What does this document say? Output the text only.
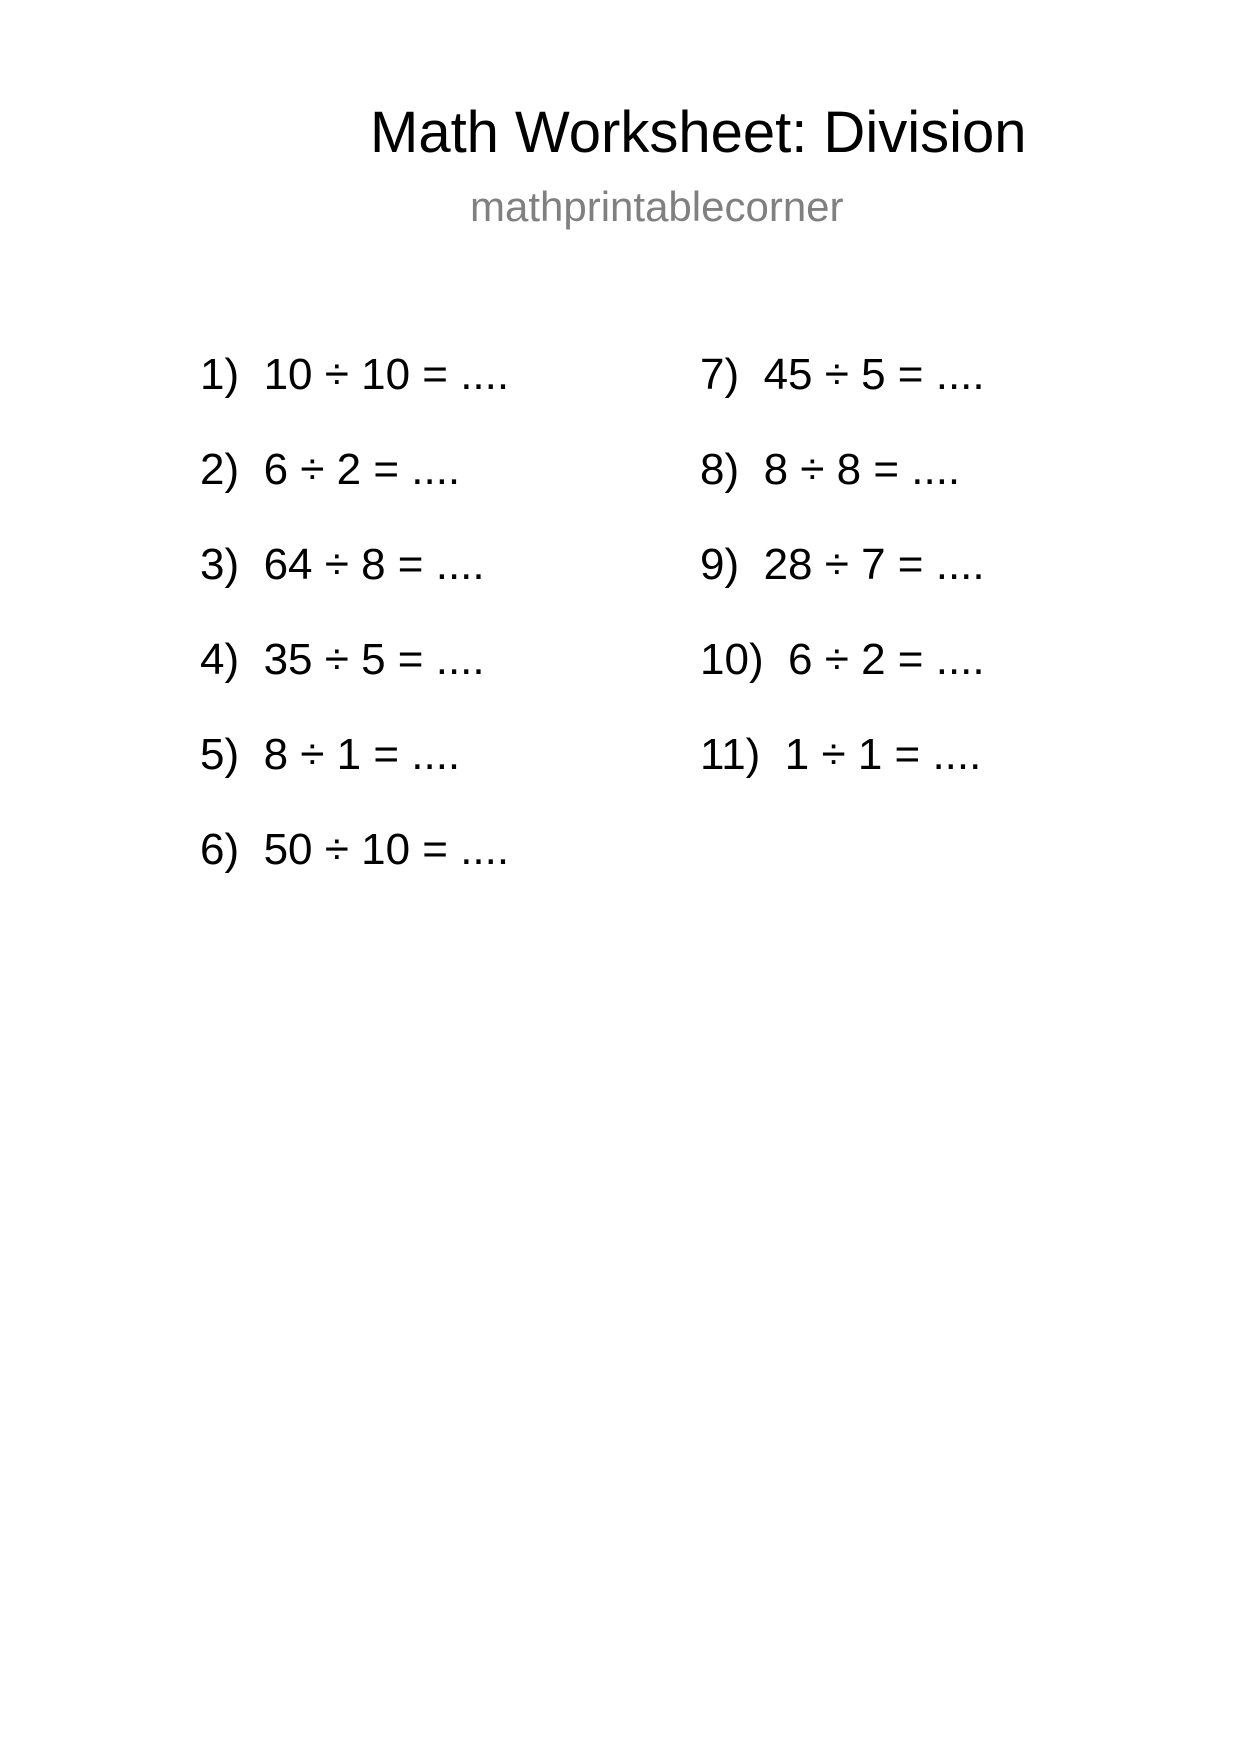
Math Worksheet: Division
mathprintablecorner
1)  10 ÷ 10 = ....
2)  6 ÷ 2 = ....
3)  64 ÷ 8 = ....
4)  35 ÷ 5 = ....
5)  8 ÷ 1 = ....
6)  50 ÷ 10 = ....
7)  45 ÷ 5 = ....
8)  8 ÷ 8 = ....
9)  28 ÷ 7 = ....
10)  6 ÷ 2 = ....
11)  1 ÷ 1 = ....
